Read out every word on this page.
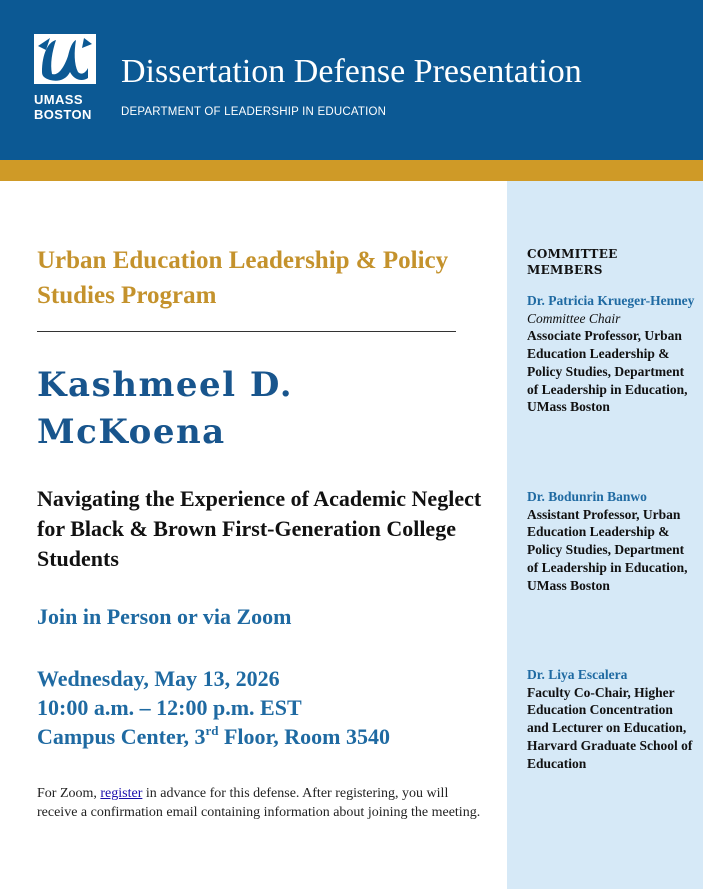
UMASS
BOSTON
Dissertation Defense Presentation
DEPARTMENT OF LEADERSHIP IN EDUCATION
COMMITTEE MEMBERS
Dr. Patricia Krueger-Henney
Committee Chair
Associate Professor, Urban Education Leadership & Policy Studies, Department of Leadership in Education, UMass Boston
Dr. Bodunrin Banwo
Assistant Professor, Urban Education Leadership & Policy Studies, Department of Leadership in Education, UMass Boston
Dr. Liya Escalera
Faculty Co-Chair, Higher Education Concentration and Lecturer on Education, Harvard Graduate School of Education
Urban Education Leadership & Policy Studies Program
Kashmeel D.
McKoena
Navigating the Experience of Academic Neglect for Black & Brown First-Generation College Students
Join in Person or via Zoom
Wednesday, May 13, 2026
10:00 a.m. – 12:00 p.m. EST
Campus Center, 3rd Floor, Room 3540
For Zoom, register in advance for this defense. After registering, you will receive a confirmation email containing information about joining the meeting.
